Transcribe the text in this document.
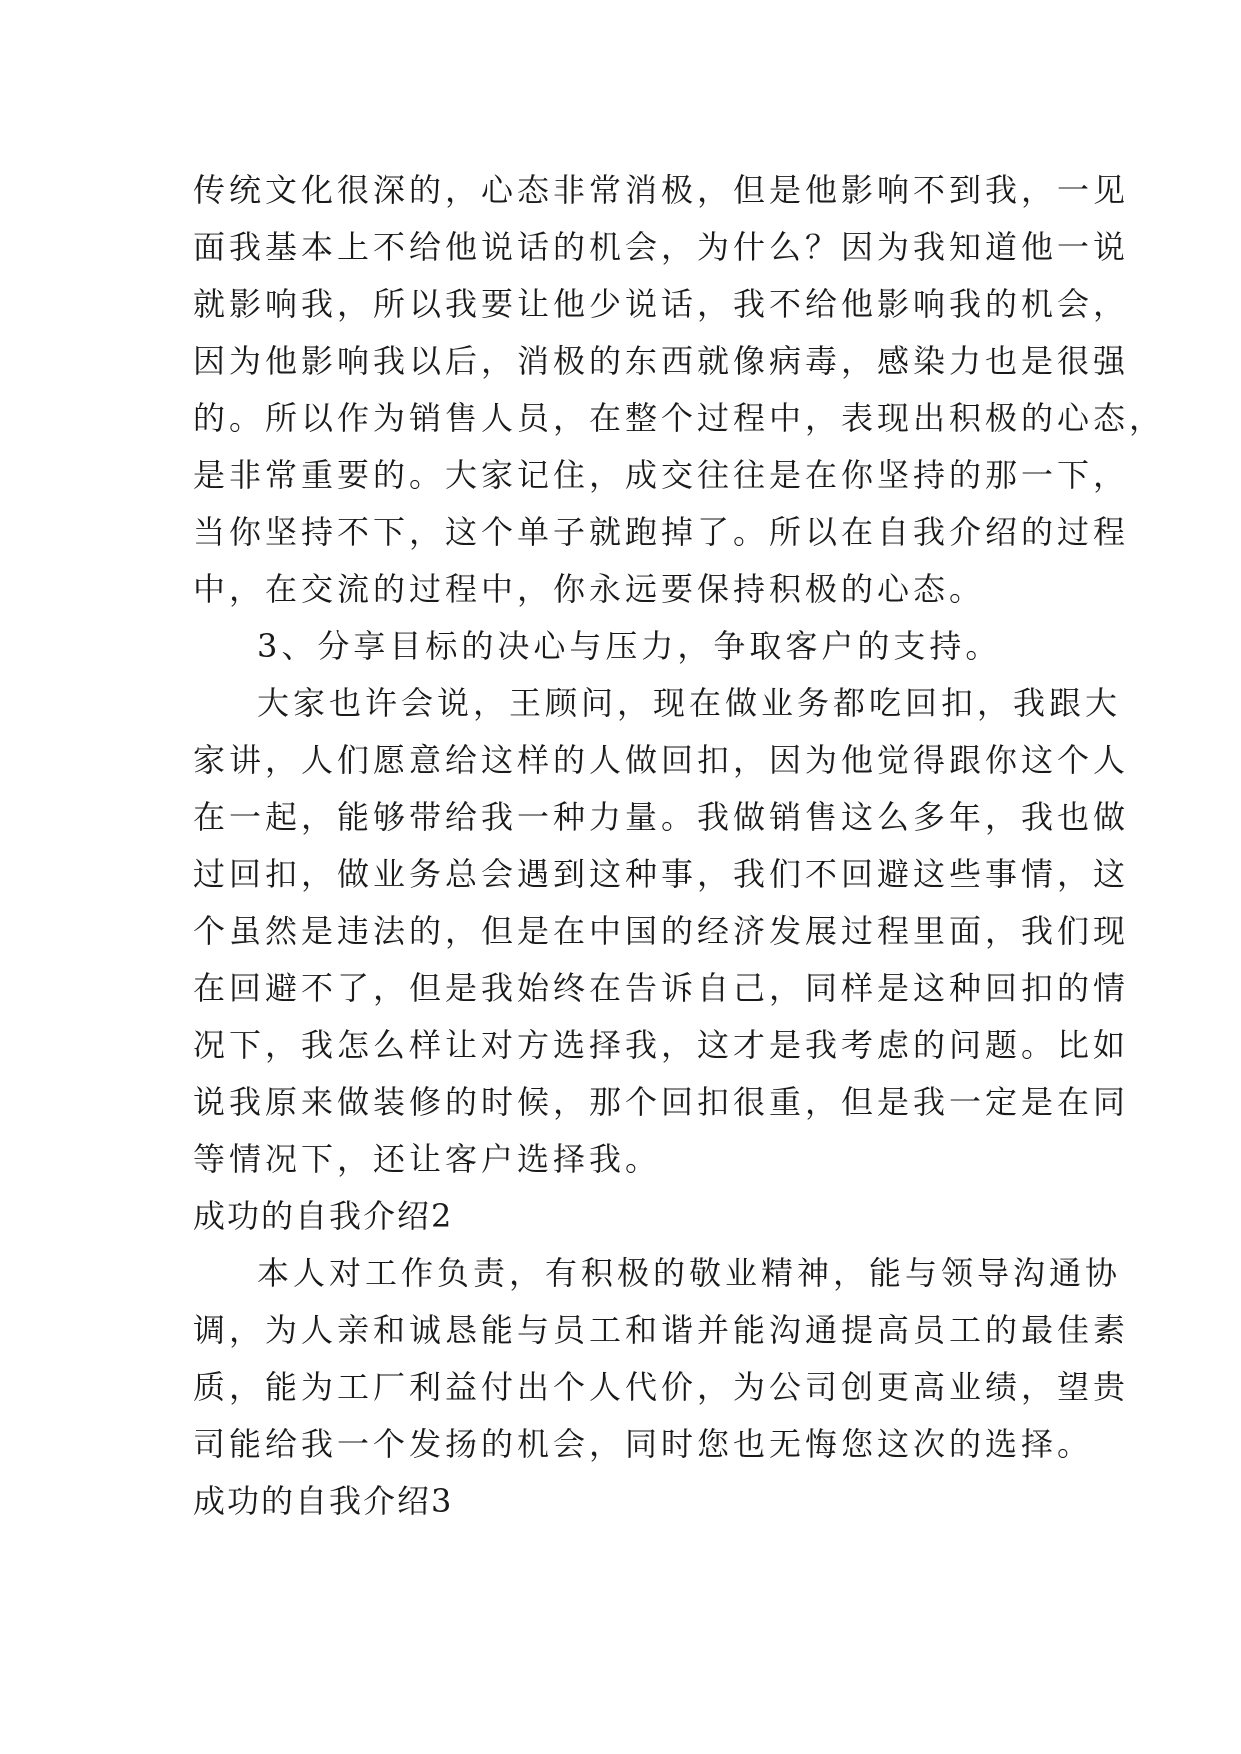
传统文化很深的，心态非常消极，但是他影响不到我，一见
面我基本上不给他说话的机会，为什么？因为我知道他一说
就影响我，所以我要让他少说话，我不给他影响我的机会，
因为他影响我以后，消极的东西就像病毒，感染力也是很强
的。所以作为销售人员，在整个过程中，表现出积极的心态，
是非常重要的。大家记住，成交往往是在你坚持的那一下，
当你坚持不下，这个单子就跑掉了。所以在自我介绍的过程
中，在交流的过程中，你永远要保持积极的心态。
3、分享目标的决心与压力，争取客户的支持。
大家也许会说，王顾问，现在做业务都吃回扣，我跟大
家讲，人们愿意给这样的人做回扣，因为他觉得跟你这个人
在一起，能够带给我一种力量。我做销售这么多年，我也做
过回扣，做业务总会遇到这种事，我们不回避这些事情，这
个虽然是违法的，但是在中国的经济发展过程里面，我们现
在回避不了，但是我始终在告诉自己，同样是这种回扣的情
况下，我怎么样让对方选择我，这才是我考虑的问题。比如
说我原来做装修的时候，那个回扣很重，但是我一定是在同
等情况下，还让客户选择我。
成功的自我介绍2
本人对工作负责，有积极的敬业精神，能与领导沟通协
调，为人亲和诚恳能与员工和谐并能沟通提高员工的最佳素
质，能为工厂利益付出个人代价，为公司创更高业绩，望贵
司能给我一个发扬的机会，同时您也无悔您这次的选择。
成功的自我介绍3
